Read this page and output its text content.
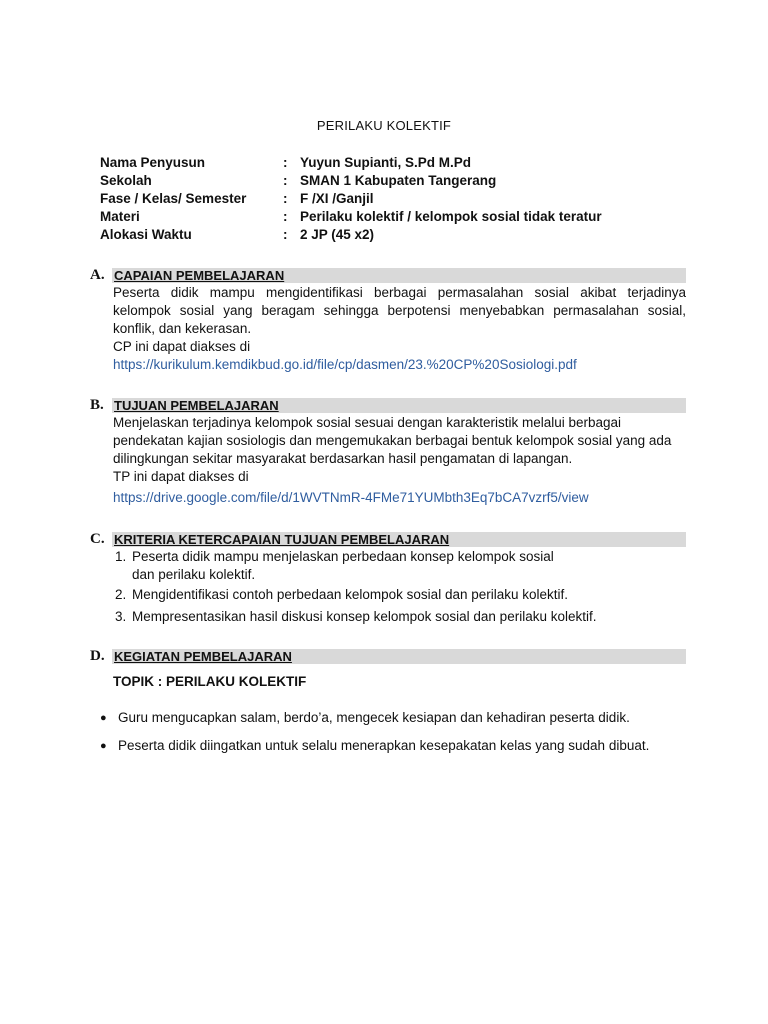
PERILAKU KOLEKTIF
Nama Penyusun	: Yuyun Supianti, S.Pd M.Pd
Sekolah	: SMAN 1 Kabupaten Tangerang
Fase / Kelas/ Semester	: F /XI /Ganjil
Materi	: Perilaku kolektif / kelompok sosial tidak teratur
Alokasi Waktu	: 2 JP (45 x2)
A. CAPAIAN PEMBELAJARAN
Peserta didik mampu mengidentifikasi berbagai permasalahan sosial akibat terjadinya kelompok sosial yang beragam sehingga berpotensi menyebabkan permasalahan sosial, konflik, dan kekerasan.
CP ini dapat diakses di
https://kurikulum.kemdikbud.go.id/file/cp/dasmen/23.%20CP%20Sosiologi.pdf
B. TUJUAN PEMBELAJARAN
Menjelaskan terjadinya kelompok sosial sesuai dengan karakteristik melalui berbagai pendekatan kajian sosiologis dan mengemukakan berbagai bentuk kelompok sosial yang ada dilingkungan sekitar masyarakat berdasarkan hasil pengamatan di lapangan.
TP ini dapat diakses di
https://drive.google.com/file/d/1WVTNmR-4FMe71YUMbth3Eq7bCA7vzrf5/view
C. KRITERIA KETERCAPAIAN TUJUAN PEMBELAJARAN
1. Peserta didik mampu menjelaskan perbedaan konsep kelompok sosial dan perilaku kolektif.
2. Mengidentifikasi contoh perbedaan kelompok sosial dan perilaku kolektif.
3. Mempresentasikan hasil diskusi konsep kelompok sosial dan perilaku kolektif.
D. KEGIATAN PEMBELAJARAN
TOPIK : PERILAKU KOLEKTIF
● Guru mengucapkan salam, berdo’a, mengecek kesiapan dan kehadiran peserta didik.
● Peserta didik diingatkan untuk selalu menerapkan kesepakatan kelas yang sudah dibuat.
